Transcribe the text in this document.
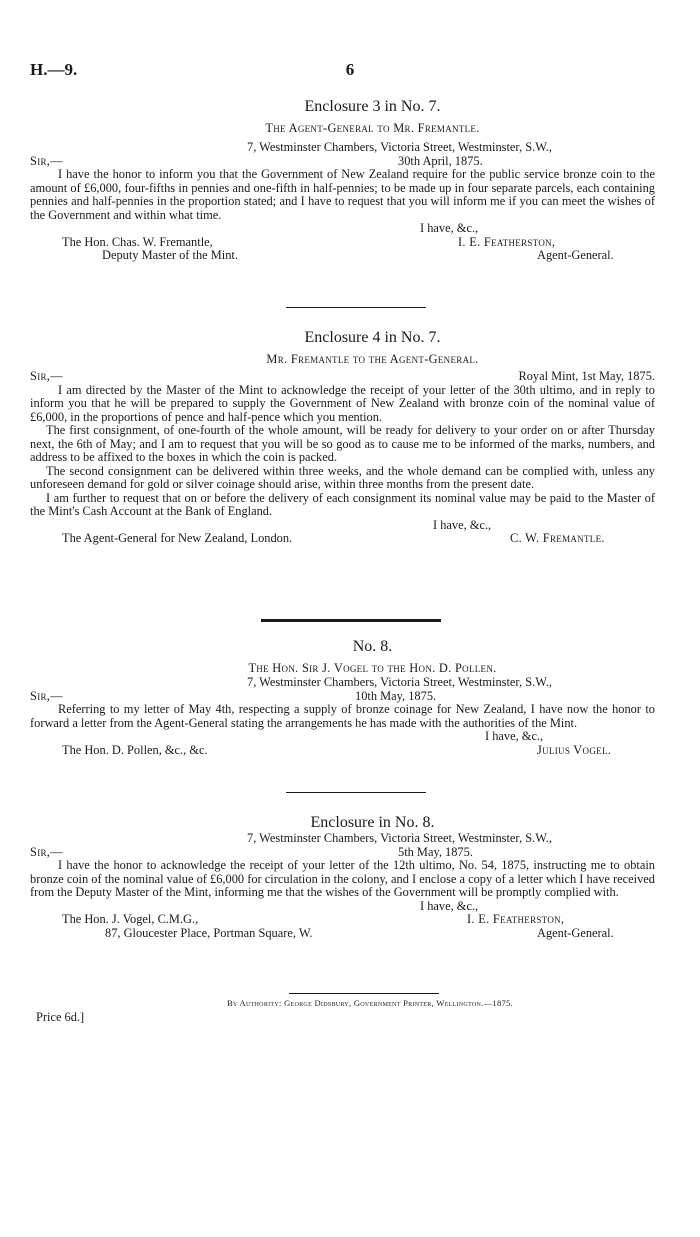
H.—9.	6
Enclosure 3 in No. 7.
The Agent-General to Mr. Fremantle.
7, Westminster Chambers, Victoria Street, Westminster, S.W.,
Sir,—	30th April, 1875.

I have the honor to inform you that the Government of New Zealand require for the public service bronze coin to the amount of £6,000, four-fifths in pennies and one-fifth in half-pennies; to be made up in four separate parcels, each containing pennies and half-pennies in the proportion stated; and I have to request that you will inform me if you can meet the wishes of the Government and within what time.

I have, &c.,
The Hon. Chas. W. Fremantle,	I. E. Featherston,
Deputy Master of the Mint.	Agent-General.
Enclosure 4 in No. 7.
Mr. Fremantle to the Agent-General.
Sir,—	Royal Mint, 1st May, 1875.

I am directed by the Master of the Mint to acknowledge the receipt of your letter of the 30th ultimo, and in reply to inform you that he will be prepared to supply the Government of New Zealand with bronze coin of the nominal value of £6,000, in the proportions of pence and half-pence which you mention.

The first consignment, of one-fourth of the whole amount, will be ready for delivery to your order on or after Thursday next, the 6th of May; and I am to request that you will be so good as to cause me to be informed of the marks, numbers, and address to be affixed to the boxes in which the coin is packed.

The second consignment can be delivered within three weeks, and the whole demand can be complied with, unless any unforeseen demand for gold or silver coinage should arise, within three months from the present date.

I am further to request that on or before the delivery of each consignment its nominal value may be paid to the Master of the Mint's Cash Account at the Bank of England.

I have, &c.,
The Agent-General for New Zealand, London.	C. W. Fremantle.
No. 8.
The Hon. Sir J. Vogel to the Hon. D. Pollen.
7, Westminster Chambers, Victoria Street, Westminster, S.W.,
Sir,—	10th May, 1875.

Referring to my letter of May 4th, respecting a supply of bronze coinage for New Zealand, I have now the honor to forward a letter from the Agent-General stating the arrangements he has made with the authorities of the Mint.

I have, &c.,
The Hon. D. Pollen, &c., &c.	Julius Vogel.
Enclosure in No. 8.
7, Westminster Chambers, Victoria Street, Westminster, S.W.,
Sir,—	5th May, 1875.

I have the honor to acknowledge the receipt of your letter of the 12th ultimo, No. 54, 1875, instructing me to obtain bronze coin of the nominal value of £6,000 for circulation in the colony, and I enclose a copy of a letter which I have received from the Deputy Master of the Mint, informing me that the wishes of the Government will be promptly complied with.

I have, &c.,
The Hon. J. Vogel, C.M.G.,	I. E. Featherston,
87, Gloucester Place, Portman Square, W.	Agent-General.
By Authority: George Didsbury, Government Printer, Wellington.—1875.
Price 6d.]
